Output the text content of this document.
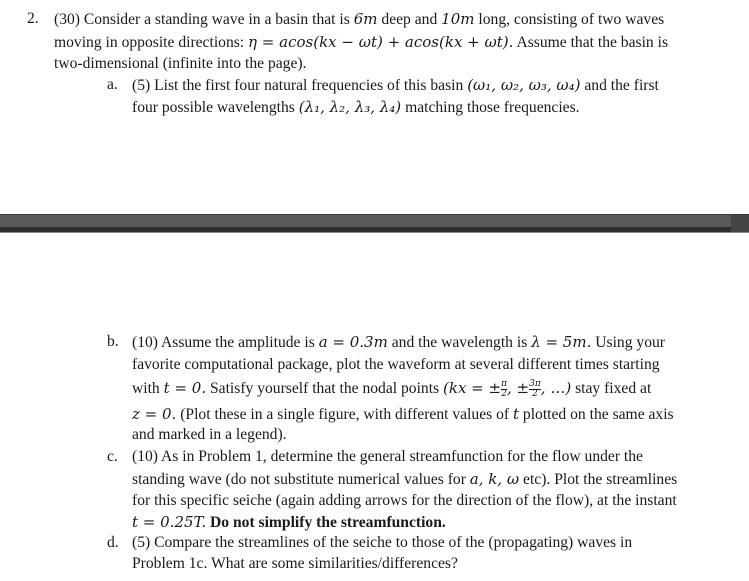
2. (30) Consider a standing wave in a basin that is 6m deep and 10m long, consisting of two waves
moving in opposite directions: η = acos(kx − ωt) + acos(kx + ωt). Assume that the basin is
two-dimensional (infinite into the page).
a. (5) List the first four natural frequencies of this basin (ω₁, ω₂, ω₃, ω₄) and the first
four possible wavelengths (λ₁, λ₂, λ₃, λ₄) matching those frequencies.
b. (10) Assume the amplitude is a = 0.3m and the wavelength is λ = 5m. Using your
favorite computational package, plot the waveform at several different times starting
with t = 0. Satisfy yourself that the nodal points (kx = ± $\frac{\pi}{2}$ , ± $\frac{3\pi}{2}$ , …) stay fixed at
z = 0. (Plot these in a single figure, with different values of t plotted on the same axis
and marked in a legend).
c. (10) As in Problem 1, determine the general streamfunction for the flow under the
standing wave (do not substitute numerical values for a, k, ω etc). Plot the streamlines
for this specific seiche (again adding arrows for the direction of the flow), at the instant
t = 0.25T. Do not simplify the streamfunction.
d. (5) Compare the streamlines of the seiche to those of the (propagating) waves in
Problem 1c. What are some similarities/differences?
